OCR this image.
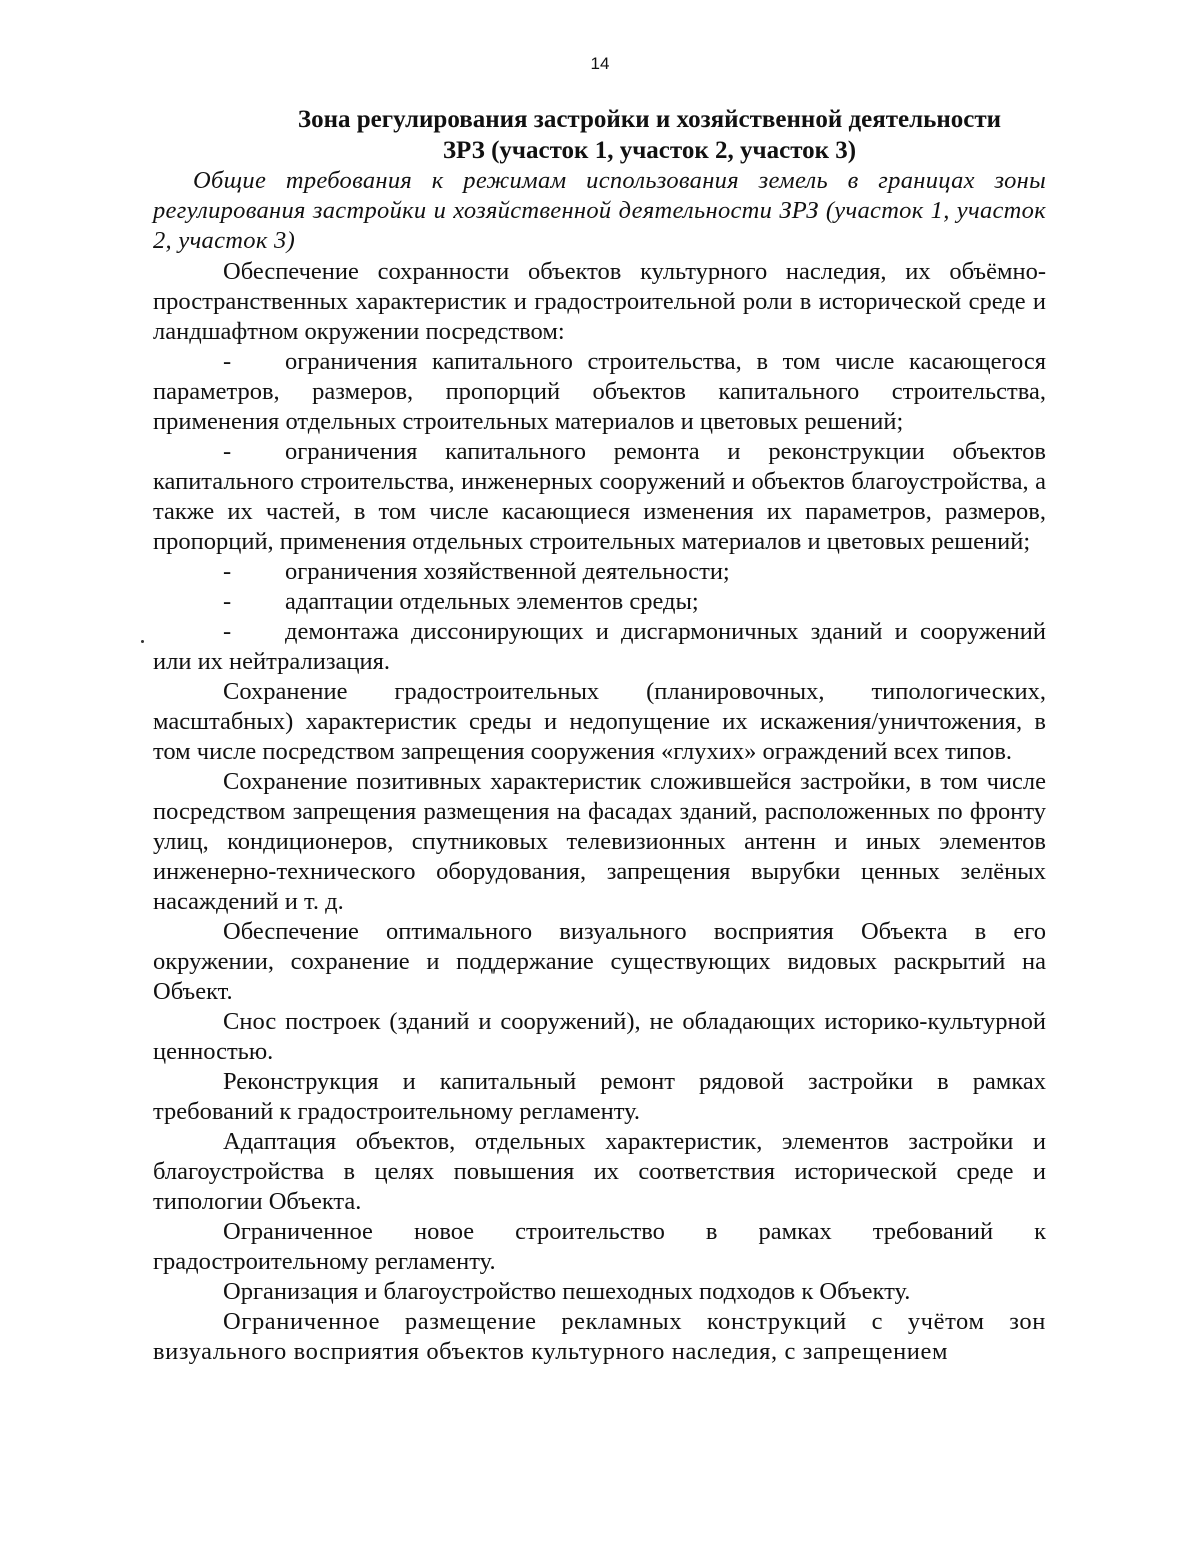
14

Зона регулирования застройки и хозяйственной деятельности

ЗРЗ (участок 1, участок 2, участок 3)

Общие требования к режимам использования земель в границах зоны регулирования застройки и хозяйственной деятельности ЗРЗ (участок 1, участок 2, участок 3)

Обеспечение сохранности объектов культурного наследия, их объёмно-пространственных характеристик и градостроительной роли в исторической среде и ландшафтном окружении посредством:

- ограничения капитального строительства, в том числе касающегося параметров, размеров, пропорций объектов капитального строительства, применения отдельных строительных материалов и цветовых решений;

- ограничения капитального ремонта и реконструкции объектов капитального строительства, инженерных сооружений и объектов благоустройства, а также их частей, в том числе касающиеся изменения их параметров, размеров, пропорций, применения отдельных строительных материалов и цветовых решений;

- ограничения хозяйственной деятельности;

- адаптации отдельных элементов среды;

- демонтажа диссонирующих и дисгармоничных зданий и сооружений или их нейтрализация.

Сохранение градостроительных (планировочных, типологических, масштабных) характеристик среды и недопущение их искажения/уничтожения, в том числе посредством запрещения сооружения «глухих» ограждений всех типов.

Сохранение позитивных характеристик сложившейся застройки, в том числе посредством запрещения размещения на фасадах зданий, расположенных по фронту улиц, кондиционеров, спутниковых телевизионных антенн и иных элементов инженерно-технического оборудования, запрещения вырубки ценных зелёных насаждений и т. д.

Обеспечение оптимального визуального восприятия Объекта в его окружении, сохранение и поддержание существующих видовых раскрытий на Объект.

Снос построек (зданий и сооружений), не обладающих историко-культурной ценностью.

Реконструкция и капитальный ремонт рядовой застройки в рамках требований к градостроительному регламенту.

Адаптация объектов, отдельных характеристик, элементов застройки и благоустройства в целях повышения их соответствия исторической среде и типологии Объекта.

Ограниченное новое строительство в рамках требований к градостроительному регламенту.

Организация и благоустройство пешеходных подходов к Объекту.

Ограниченное размещение рекламных конструкций с учётом зон визуального восприятия объектов культурного наследия, с запрещением
